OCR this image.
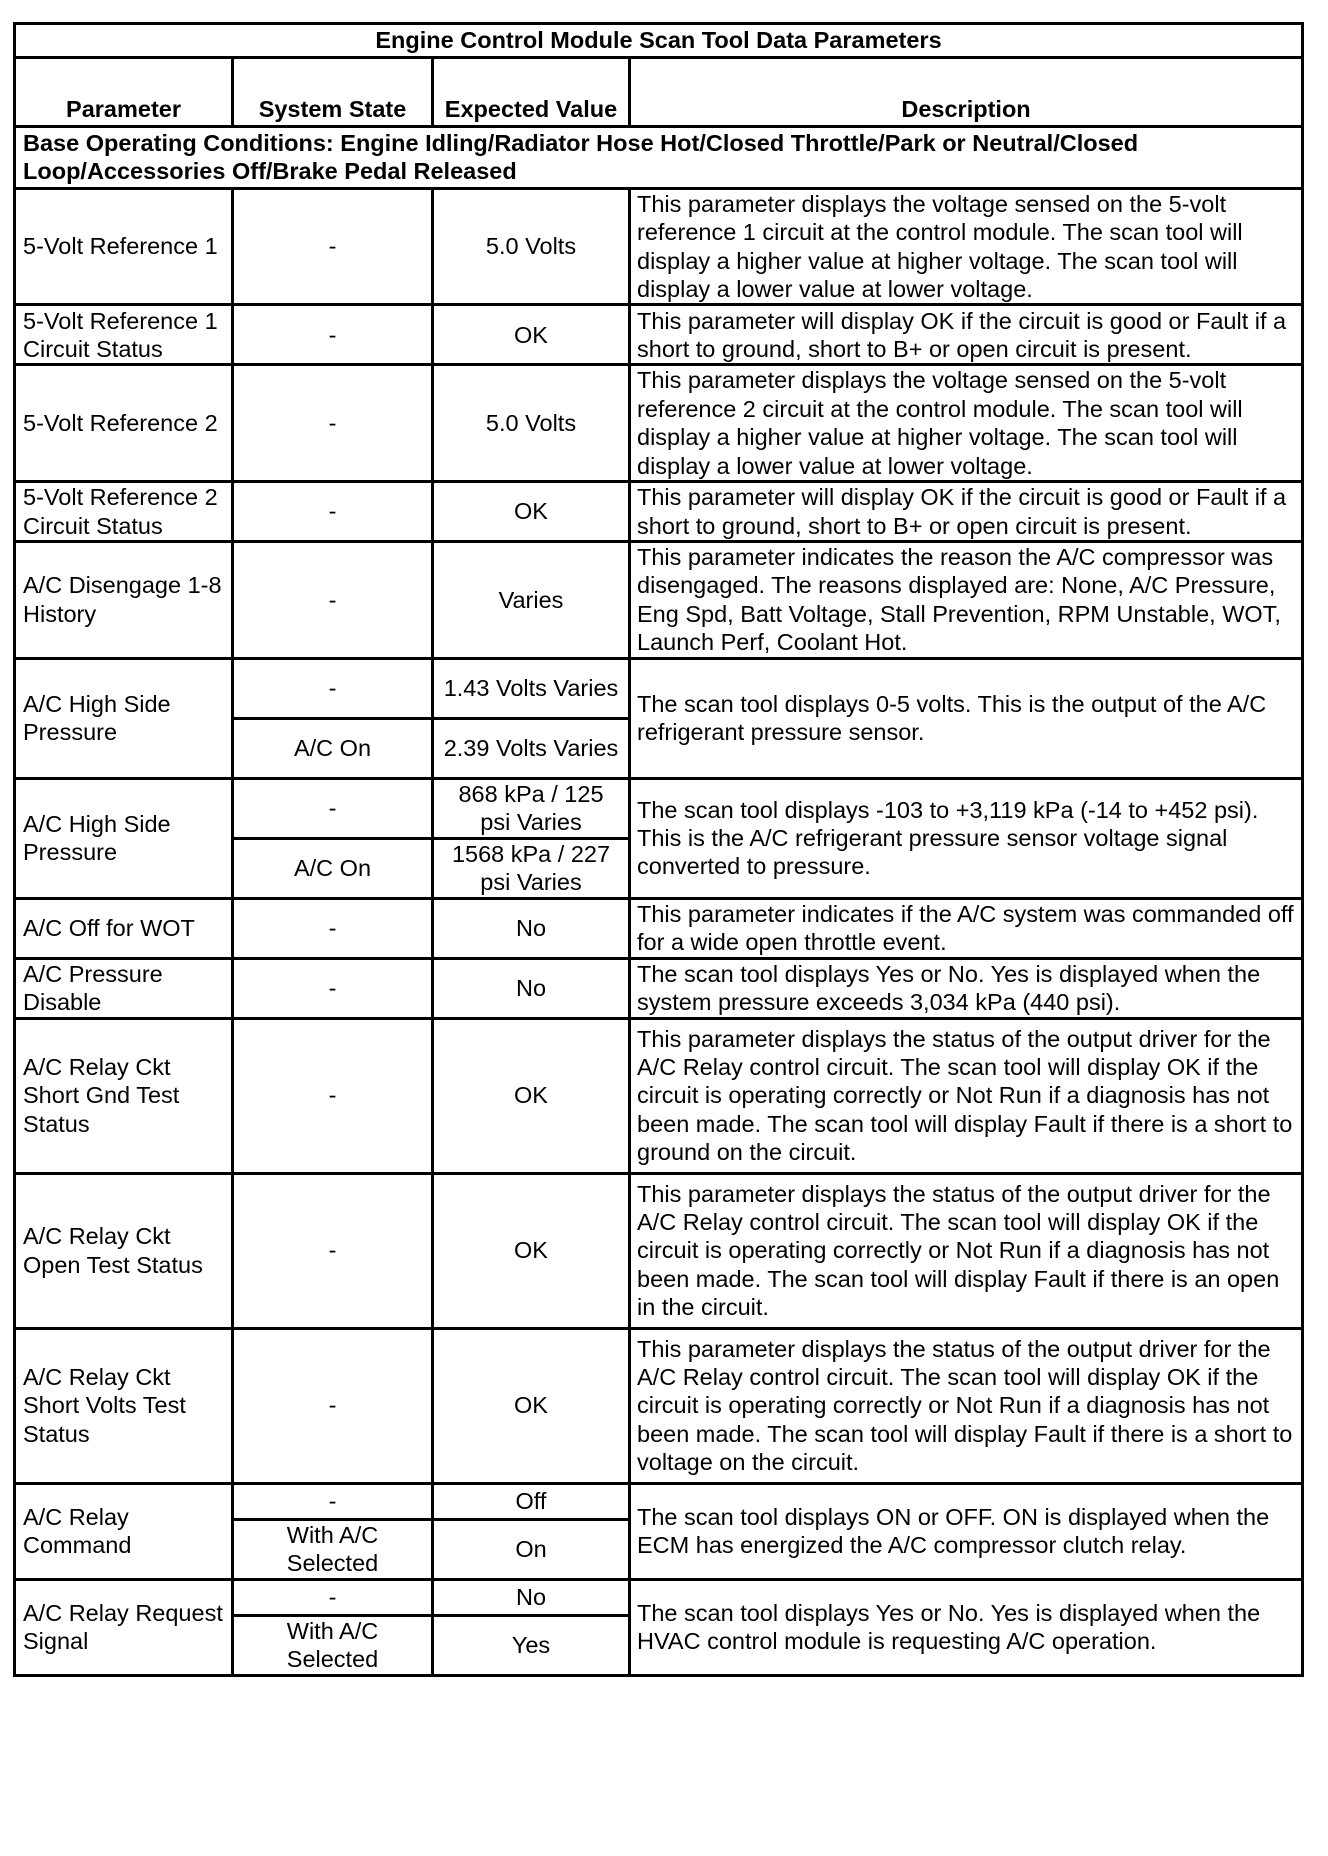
Engine Control Module Scan Tool Data Parameters			
Parameter	System State	Expected Value	Description
Base Operating Conditions: Engine Idling/Radiator Hose Hot/Closed Throttle/Park or Neutral/Closed Loop/Accessories Off/Brake Pedal Released			
5-Volt Reference 1	-	5.0 Volts	This parameter displays the voltage sensed on the 5-volt reference 1 circuit at the control module. The scan tool will display a higher value at higher voltage. The scan tool will display a lower value at lower voltage.
5-Volt Reference 1 Circuit Status	-	OK	This parameter will display OK if the circuit is good or Fault if a short to ground, short to B+ or open circuit is present.
5-Volt Reference 2	-	5.0 Volts	This parameter displays the voltage sensed on the 5-volt reference 2 circuit at the control module. The scan tool will display a higher value at higher voltage. The scan tool will display a lower value at lower voltage.
5-Volt Reference 2 Circuit Status	-	OK	This parameter will display OK if the circuit is good or Fault if a short to ground, short to B+ or open circuit is present.
A/C Disengage 1-8 History	-	Varies	This parameter indicates the reason the A/C compressor was disengaged. The reasons displayed are: None, A/C Pressure, Eng Spd, Batt Voltage, Stall Prevention, RPM Unstable, WOT, Launch Perf, Coolant Hot.
A/C High Side Pressure	-	1.43 Volts Varies	The scan tool displays 0-5 volts. This is the output of the A/C refrigerant pressure sensor.
	A/C On	2.39 Volts Varies	
A/C High Side Pressure	-	868 kPa / 125 psi Varies	The scan tool displays -103 to +3,119 kPa (-14 to +452 psi). This is the A/C refrigerant pressure sensor voltage signal converted to pressure.
	A/C On	1568 kPa / 227 psi Varies	
A/C Off for WOT	-	No	This parameter indicates if the A/C system was commanded off for a wide open throttle event.
A/C Pressure Disable	-	No	The scan tool displays Yes or No. Yes is displayed when the system pressure exceeds 3,034 kPa (440 psi).
A/C Relay Ckt Short Gnd Test Status	-	OK	This parameter displays the status of the output driver for the A/C Relay control circuit. The scan tool will display OK if the circuit is operating correctly or Not Run if a diagnosis has not been made. The scan tool will display Fault if there is a short to ground on the circuit.
A/C Relay Ckt Open Test Status	-	OK	This parameter displays the status of the output driver for the A/C Relay control circuit. The scan tool will display OK if the circuit is operating correctly or Not Run if a diagnosis has not been made. The scan tool will display Fault if there is an open in the circuit.
A/C Relay Ckt Short Volts Test Status	-	OK	This parameter displays the status of the output driver for the A/C Relay control circuit. The scan tool will display OK if the circuit is operating correctly or Not Run if a diagnosis has not been made. The scan tool will display Fault if there is a short to voltage on the circuit.
A/C Relay Command	-	Off	The scan tool displays ON or OFF. ON is displayed when the ECM has energized the A/C compressor clutch relay.
	With A/C Selected	On	
A/C Relay Request Signal	-	No	The scan tool displays Yes or No. Yes is displayed when the HVAC control module is requesting A/C operation.
	With A/C Selected	Yes	
